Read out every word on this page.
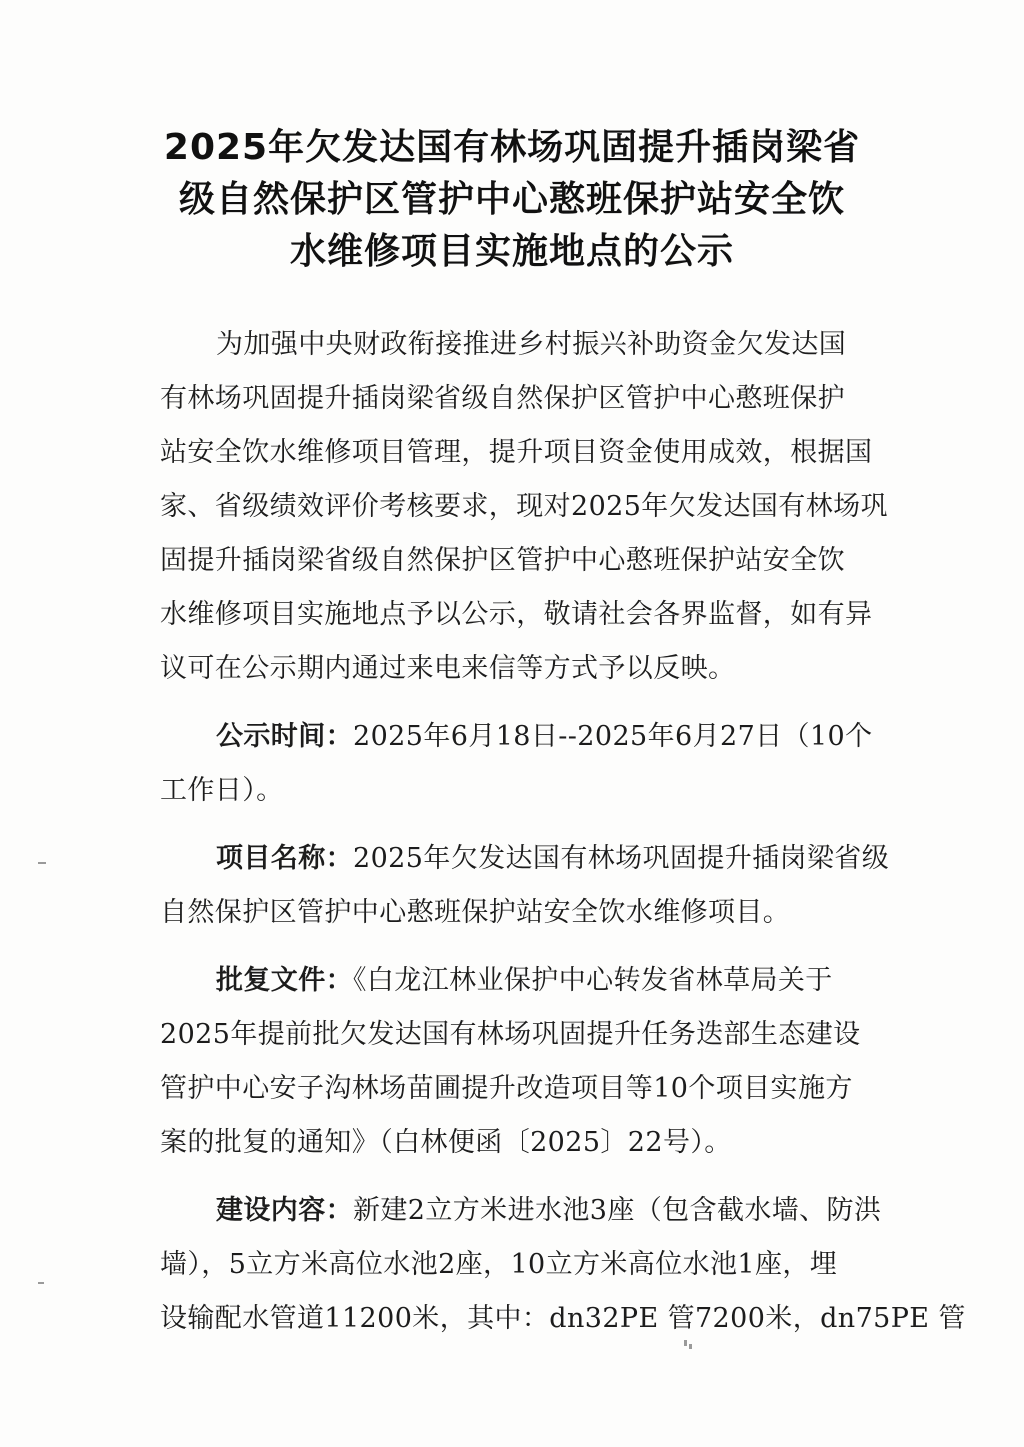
2025年欠发达国有林场巩固提升插岗梁省
级自然保护区管护中心憨班保护站安全饮
水维修项目实施地点的公示
为加强中央财政衔接推进乡村振兴补助资金欠发达国
有林场巩固提升插岗梁省级自然保护区管护中心憨班保护
站安全饮水维修项目管理，提升项目资金使用成效，根据国
家、省级绩效评价考核要求，现对2025年欠发达国有林场巩
固提升插岗梁省级自然保护区管护中心憨班保护站安全饮
水维修项目实施地点予以公示，敬请社会各界监督，如有异
议可在公示期内通过来电来信等方式予以反映。
公示时间：2025年6月18日--2025年6月27日（10个
工作日）。
项目名称：2025年欠发达国有林场巩固提升插岗梁省级
自然保护区管护中心憨班保护站安全饮水维修项目。
批复文件：《白龙江林业保护中心转发省林草局关于
2025年提前批欠发达国有林场巩固提升任务迭部生态建设
管护中心安子沟林场苗圃提升改造项目等10个项目实施方
案的批复的通知》（白林便函〔2025〕22号）。
建设内容：新建2立方米进水池3座（包含截水墙、防洪
墙），5立方米高位水池2座，10立方米高位水池1座，埋
设输配水管道11200米，其中：dn32PE 管7200米，dn75PE 管
